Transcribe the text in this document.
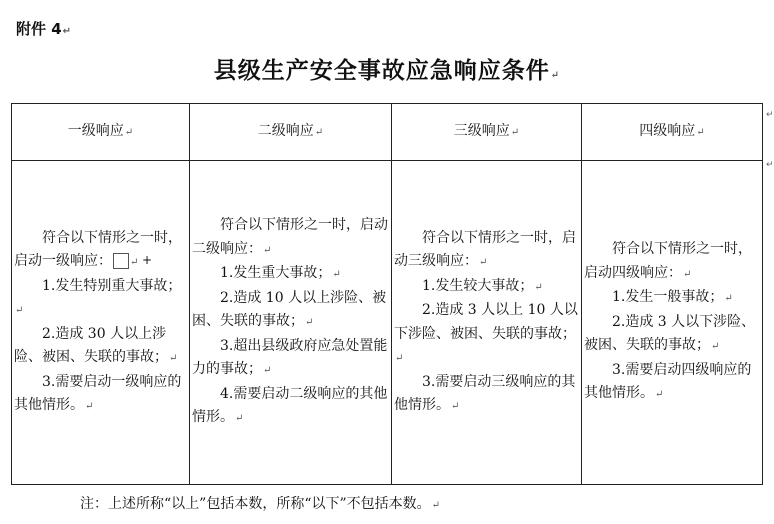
附件 4↵
县级生产安全事故应急响应条件↵
一级响应↵	二级响应↵	三级响应↵	四级响应↵

符合以下情形之一时，启动一级响应： +↵
1.发生特别重大事故；↵
2.造成 30 人以上涉险、被困、失联的事故；↵
3.需要启动一级响应的其他情形。↵	符合以下情形之一时，启动二级响应：↵
1.发生重大事故；↵
2.造成 10 人以上涉险、被困、失联的事故；↵
3.超出县级政府应急处置能力的事故；↵
4.需要启动二级响应的其他情形。↵	符合以下情形之一时，启动三级响应：↵
1.发生较大事故；↵
2.造成 3 人以上 10 人以下涉险、被困、失联的事故；↵
3.需要启动三级响应的其他情形。↵	符合以下情形之一时，启动四级响应：↵
1.发生一般事故；↵
2.造成 3 人以下涉险、被困、失联的事故；↵
3.需要启动四级响应的其他情形。↵
↵
↵
注：上述所称“以上”包括本数，所称“以下”不包括本数。↵
